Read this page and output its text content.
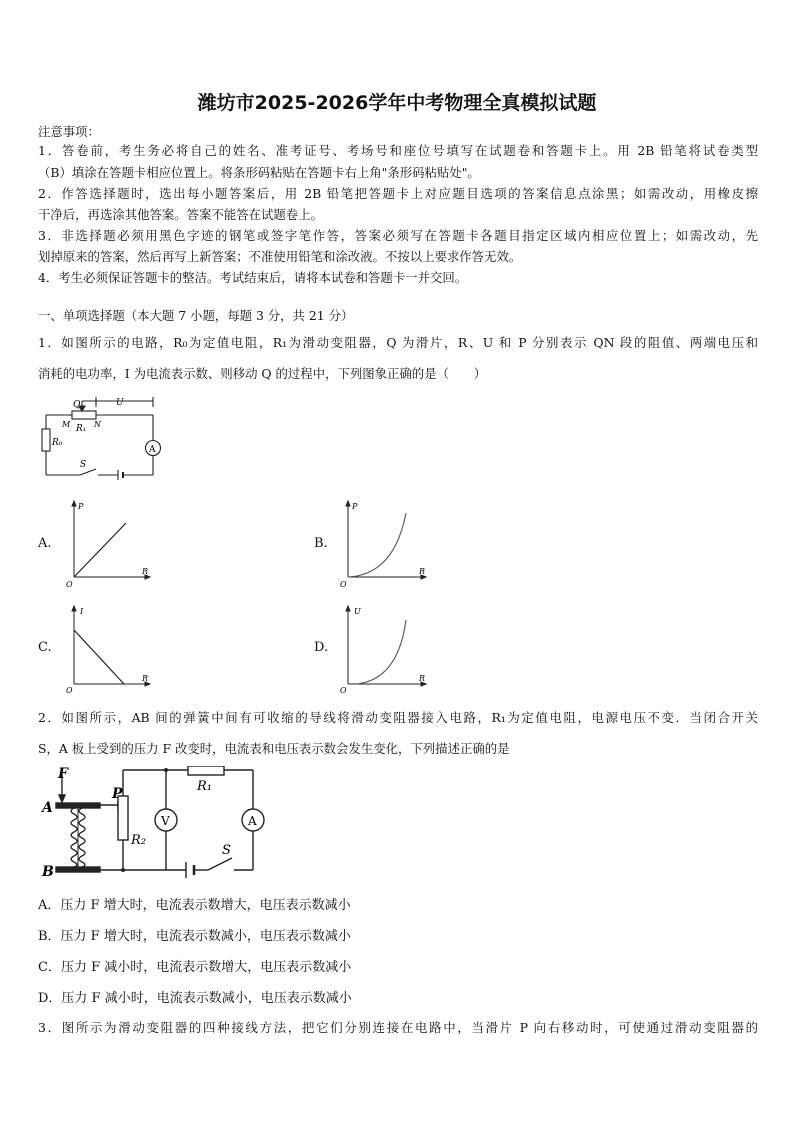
潍坊市2025-2026学年中考物理全真模拟试题
注意事项：
1．答卷前，考生务必将自己的姓名、准考证号、考场号和座位号填写在试题卷和答题卡上。用 2B 铅笔将试卷类型
（B）填涂在答题卡相应位置上。将条形码粘贴在答题卡右上角"条形码粘贴处"。
2．作答选择题时，选出每小题答案后，用 2B 铅笔把答题卡上对应题目选项的答案信息点涂黑；如需改动，用橡皮擦
干净后，再选涂其他答案。答案不能答在试题卷上。
3．非选择题必须用黑色字迹的钢笔或签字笔作答，答案必须写在答题卡各题目指定区域内相应位置上；如需改动，先
划掉原来的答案，然后再写上新答案；不准使用铅笔和涂改液。不按以上要求作答无效。
4．考生必须保证答题卡的整洁。考试结束后，请将本试卷和答题卡一并交回。
一、单项选择题（本大题 7 小题，每题 3 分，共 21 分）
1．如图所示的电路，R₀为定值电阻，R₁为滑动变阻器，Q 为滑片，R、U 和 P 分别表示 QN 段的阻值、两端电压和
消耗的电功率，I 为电流表示数、则移动 Q 的过程中，下列图象正确的是（　　）
Q	U
M R₁ N
R₀
S
A
A.
P
R
O
B.
P
R
O
C.
I
R
O
D.
U
R
O
2．如图所示，AB 间的弹簧中间有可收缩的导线将滑动变阻器接入电路，R₁为定值电阻，电源电压不变．当闭合开关
S，A 板上受到的压力 F 改变时，电流表和电压表示数会发生变化，下列描述正确的是
F
A
B
P
R₂
R₁
V	A
S
A．压力 F 增大时，电流表示数增大，电压表示数减小
B．压力 F 增大时，电流表示数减小，电压表示数减小
C．压力 F 减小时，电流表示数增大，电压表示数减小
D．压力 F 减小时，电流表示数减小，电压表示数减小
3．图所示为滑动变阻器的四种接线方法，把它们分别连接在电路中，当滑片 P 向右移动时，可使通过滑动变阻器的
